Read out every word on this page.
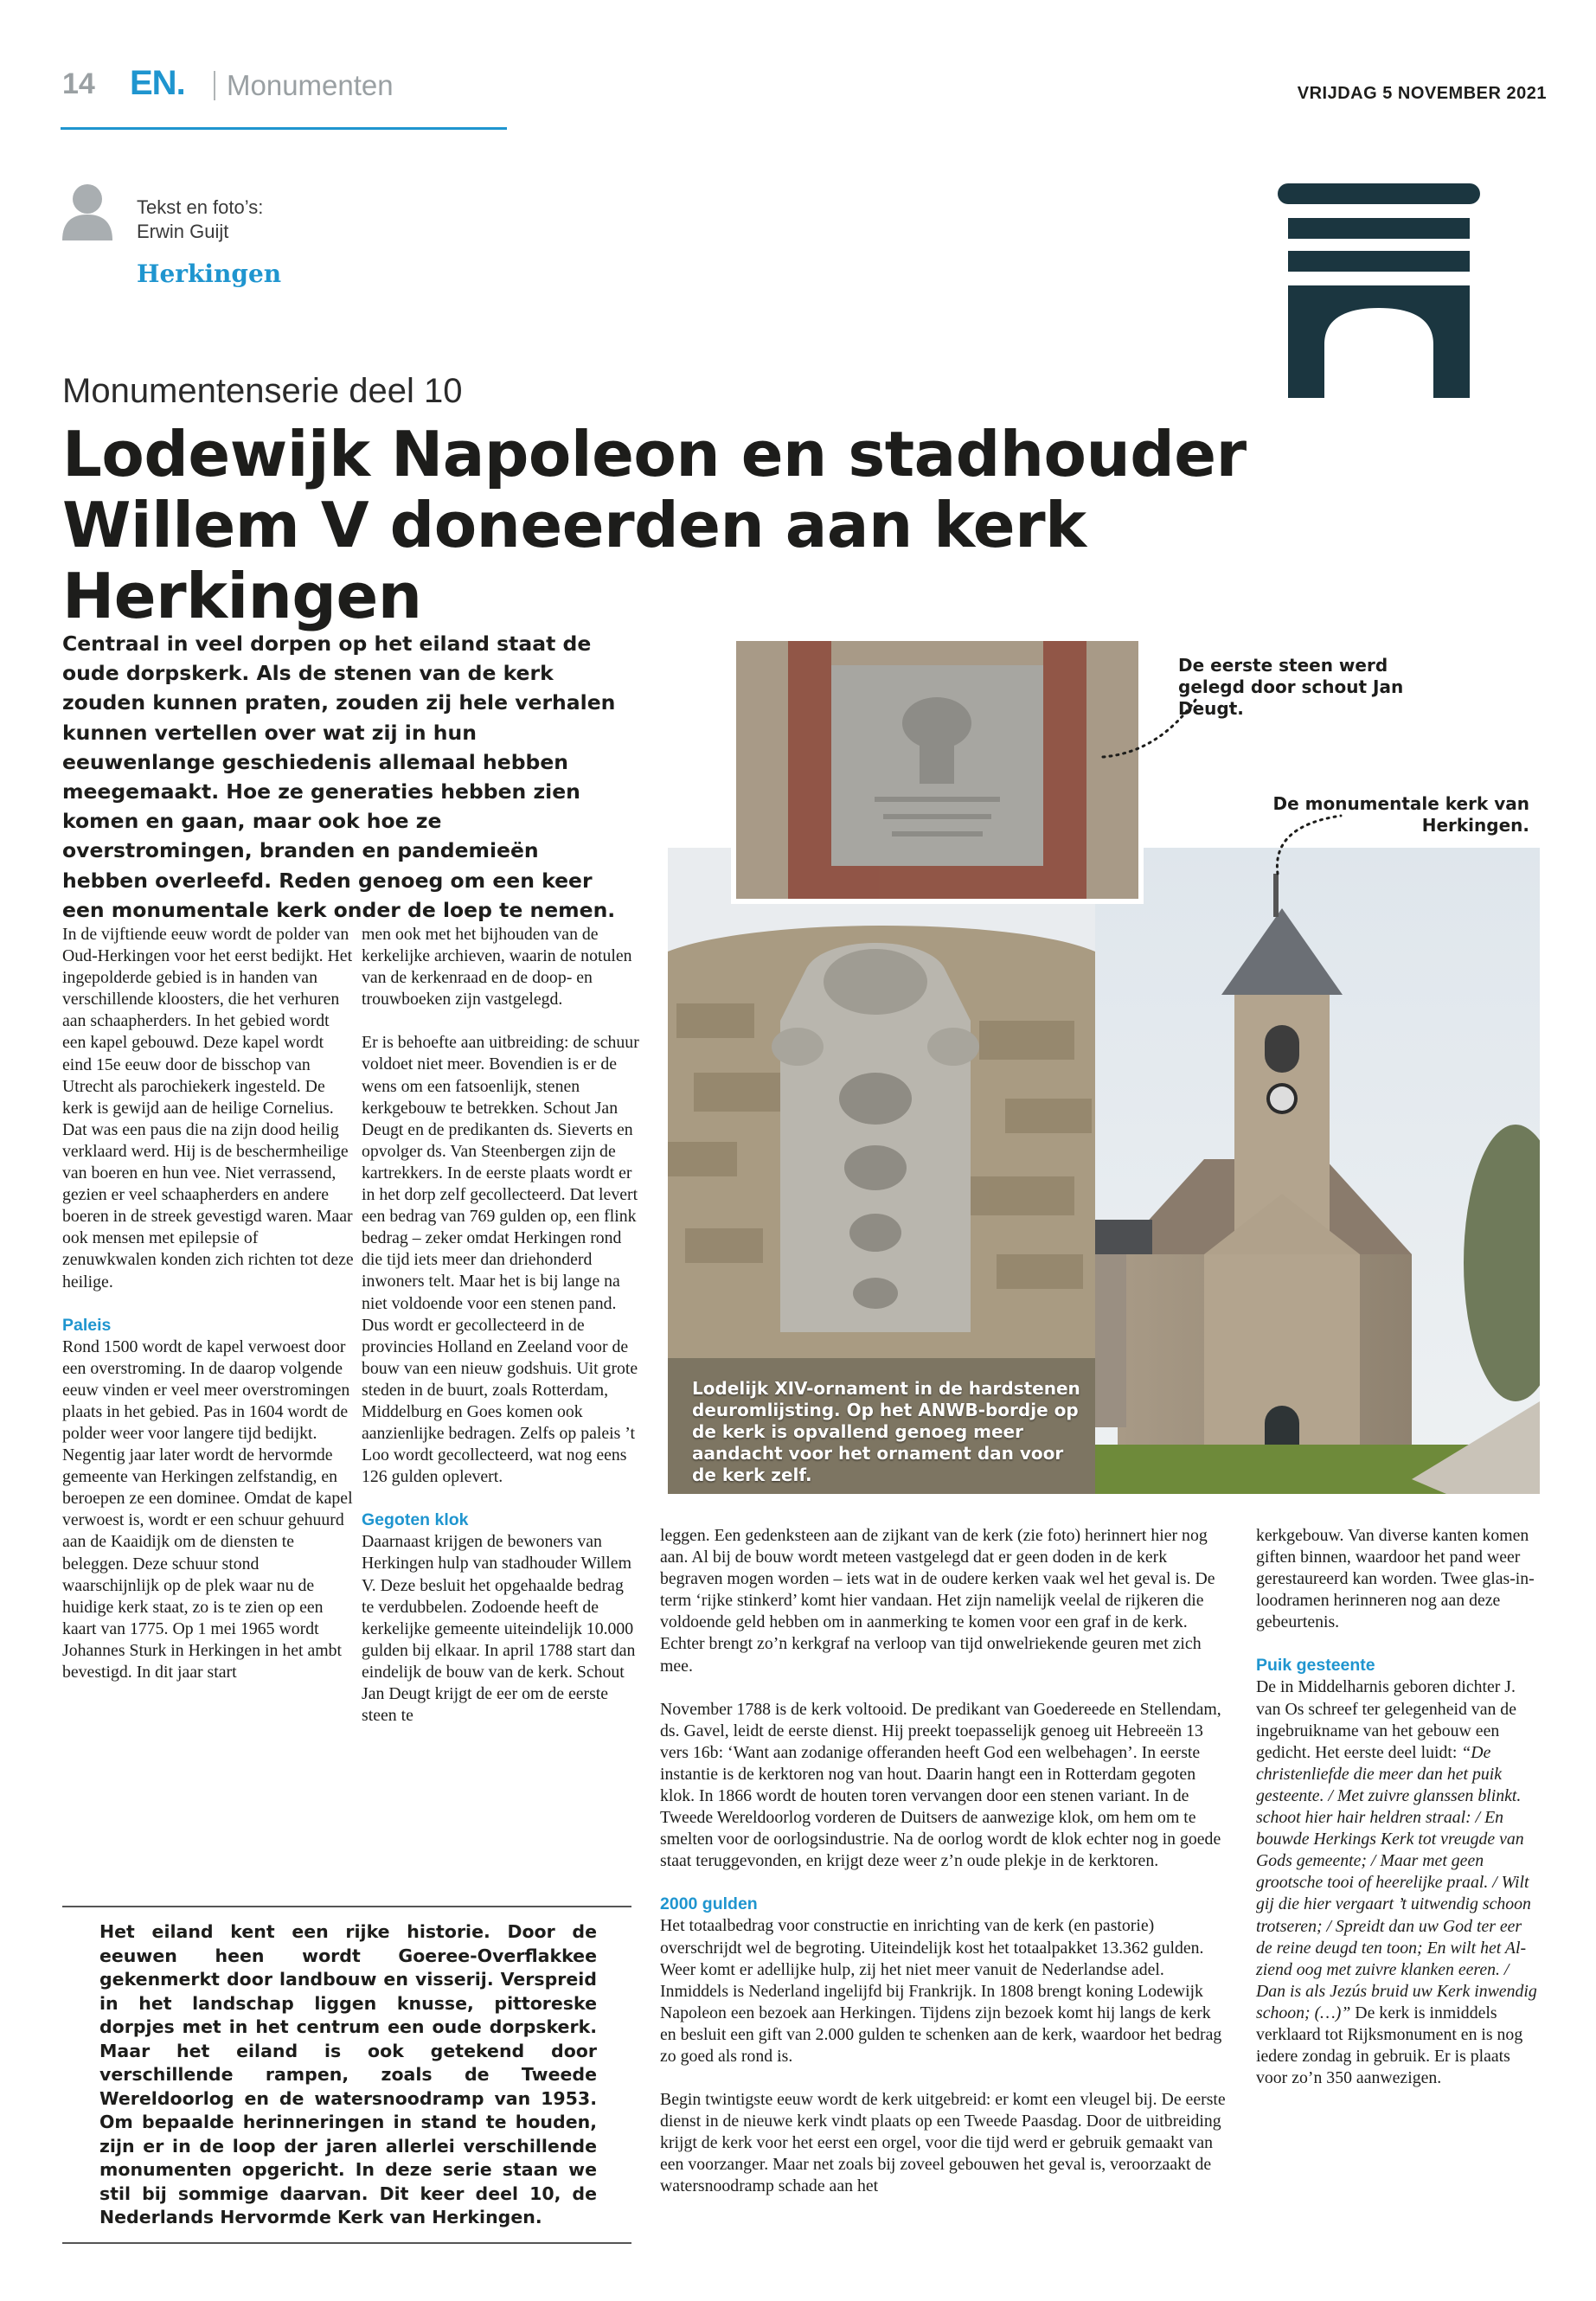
14 EN. Monumenten	VRIJDAG 5 NOVEMBER 2021
Tekst en foto’s:
Erwin Guijt
Herkingen
Monumentenserie deel 10
Lodewijk Napoleon en stadhouder Willem V doneerden aan kerk Herkingen

Centraal in veel dorpen op het eiland staat de oude dorpskerk. Als de stenen van de kerk zouden kunnen praten, zouden zij hele verhalen kunnen vertellen over wat zij in hun eeuwenlange geschiedenis allemaal hebben meegemaakt. Hoe ze generaties hebben zien komen en gaan, maar ook hoe ze overstromingen, branden en pandemieën hebben overleefd. Reden genoeg om een keer een monumentale kerk onder de loep te nemen.

In de vijftiende eeuw wordt de polder van Oud-Herkingen voor het eerst bedijkt. Het ingepolderde gebied is in handen van verschillende kloosters, die het verhuren aan schaapherders. In het gebied wordt een kapel gebouwd. Deze kapel wordt eind 15e eeuw door de bisschop van Utrecht als parochiekerk ingesteld. De kerk is gewijd aan de heilige Cornelius. Dat was een paus die na zijn dood heilig verklaard werd. Hij is de beschermheilige van boeren en hun vee. Niet verrassend, gezien er veel schaapherders en andere boeren in de streek gevestigd waren. Maar ook mensen met epilepsie of zenuwkwalen konden zich richten tot deze heilige.

Paleis

Rond 1500 wordt de kapel verwoest door een overstroming. In de daarop volgende eeuw vinden er veel meer overstromingen plaats in het gebied. Pas in 1604 wordt de polder weer voor langere tijd bedijkt. Negentig jaar later wordt de hervormde gemeente van Herkingen zelfstandig, en beroepen ze een dominee. Omdat de kapel verwoest is, wordt er een schuur gehuurd aan de Kaaidijk om de diensten te beleggen. Deze schuur stond waarschijnlijk op de plek waar nu de huidige kerk staat, zo is te zien op een kaart van 1775. Op 1 mei 1965 wordt Johannes Sturk in Herkingen in het ambt bevestigd. In dit jaar start

men ook met het bijhouden van de kerkelijke archieven, waarin de notulen van de kerkenraad en de doop- en trouwboeken zijn vastgelegd.

Er is behoefte aan uitbreiding: de schuur voldoet niet meer. Bovendien is er de wens om een fatsoenlijk, stenen kerkgebouw te betrekken. Schout Jan Deugt en de predikanten ds. Sieverts en opvolger ds. Van Steenbergen zijn de kartrekkers. In de eerste plaats wordt er in het dorp zelf gecollecteerd. Dat levert een bedrag van 769 gulden op, een flink bedrag – zeker omdat Herkingen rond die tijd iets meer dan driehonderd inwoners telt. Maar het is bij lange na niet voldoende voor een stenen pand. Dus wordt er gecollecteerd in de provincies Holland en Zeeland voor de bouw van een nieuw godshuis. Uit grote steden in de buurt, zoals Rotterdam, Middelburg en Goes komen ook aanzienlijke bedragen. Zelfs op paleis ’t Loo wordt gecollecteerd, wat nog eens 126 gulden oplevert.

Gegoten klok

Daarnaast krijgen de bewoners van Herkingen hulp van stadhouder Willem V. Deze besluit het opgehaalde bedrag te verdubbelen. Zodoende heeft de kerkelijke gemeente uiteindelijk 10.000 gulden bij elkaar. In april 1788 start dan eindelijk de bouw van de kerk. Schout Jan Deugt krijgt de eer om de eerste steen te

Het eiland kent een rijke historie. Door de eeuwen heen wordt Goeree-Overflakkee gekenmerkt door landbouw en visserij. Verspreid in het landschap liggen knusse, pittoreske dorpjes met in het centrum een oude dorpskerk. Maar het eiland is ook getekend door verschillende rampen, zoals de Tweede Wereldoorlog en de watersnoodramp van 1953. Om bepaalde herinneringen in stand te houden, zijn er in de loop der jaren allerlei verschillende monumenten opgericht. In deze serie staan we stil bij sommige daarvan. Dit keer deel 10, de Nederlands Hervormde Kerk van Herkingen.

De eerste steen werd gelegd door schout Jan Deugt.
De monumentale kerk van Herkingen.
Lodelijk XIV-ornament in de hardstenen deuromlijsting. Op het ANWB-bordje op de kerk is opvallend genoeg meer aandacht voor het ornament dan voor de kerk zelf.

leggen. Een gedenksteen aan de zijkant van de kerk (zie foto) herinnert hier nog aan. Al bij de bouw wordt meteen vastgelegd dat er geen doden in de kerk begraven mogen worden – iets wat in de oudere kerken vaak wel het geval is. De term ‘rijke stinkerd’ komt hier vandaan. Het zijn namelijk veelal de rijkeren die voldoende geld hebben om in aanmerking te komen voor een graf in de kerk. Echter brengt zo’n kerkgraf na verloop van tijd onwelriekende geuren met zich mee.

November 1788 is de kerk voltooid. De predikant van Goedereede en Stellendam, ds. Gavel, leidt de eerste dienst. Hij preekt toepasselijk genoeg uit Hebreeën 13 vers 16b: ‘Want aan zodanige offeranden heeft God een welbehagen’. In eerste instantie is de kerktoren nog van hout. Daarin hangt een in Rotterdam gegoten klok. In 1866 wordt de houten toren vervangen door een stenen variant. In de Tweede Wereldoorlog vorderen de Duitsers de aanwezige klok, om hem om te smelten voor de oorlogsindustrie. Na de oorlog wordt de klok echter nog in goede staat teruggevonden, en krijgt deze weer z’n oude plekje in de kerktoren.

2000 gulden

Het totaalbedrag voor constructie en inrichting van de kerk (en pastorie) overschrijdt wel de begroting. Uiteindelijk kost het totaalpakket 13.362 gulden. Weer komt er adellijke hulp, zij het niet meer vanuit de Nederlandse adel. Inmiddels is Nederland ingelijfd bij Frankrijk. In 1808 brengt koning Lodewijk Napoleon een bezoek aan Herkingen. Tijdens zijn bezoek komt hij langs de kerk en besluit een gift van 2.000 gulden te schenken aan de kerk, waardoor het bedrag zo goed als rond is.

Begin twintigste eeuw wordt de kerk uitgebreid: er komt een vleugel bij. De eerste dienst in de nieuwe kerk vindt plaats op een Tweede Paasdag. Door de uitbreiding krijgt de kerk voor het eerst een orgel, voor die tijd werd er gebruik gemaakt van een voorzanger. Maar net zoals bij zoveel gebouwen het geval is, veroorzaakt de watersnoodramp schade aan het

kerkgebouw. Van diverse kanten komen giften binnen, waardoor het pand weer gerestaureerd kan worden. Twee glas-in-loodramen herinneren nog aan deze gebeurtenis.

Puik gesteente

De in Middelharnis geboren dichter J. van Os schreef ter gelegenheid van de ingebruikname van het gebouw een gedicht. Het eerste deel luidt: “De christenliefde die meer dan het puik gesteente. / Met zuivre glanssen blinkt. schoot hier hair heldren straal: / En bouwde Herkings Kerk tot vreugde van Gods gemeente; / Maar met geen grootsche tooi of heerelijke praal. / Wilt gij die hier vergaart ’t uitwendig schoon trotseren; / Spreidt dan uw God ter eer de reine deugd ten toon; En wilt het Al-ziend oog met zuivre klanken eeren. / Dan is als Jezús bruid uw Kerk inwendig schoon; (…)” De kerk is inmiddels verklaard tot Rijksmonument en is nog iedere zondag in gebruik. Er is plaats voor zo’n 350 aanwezigen.
